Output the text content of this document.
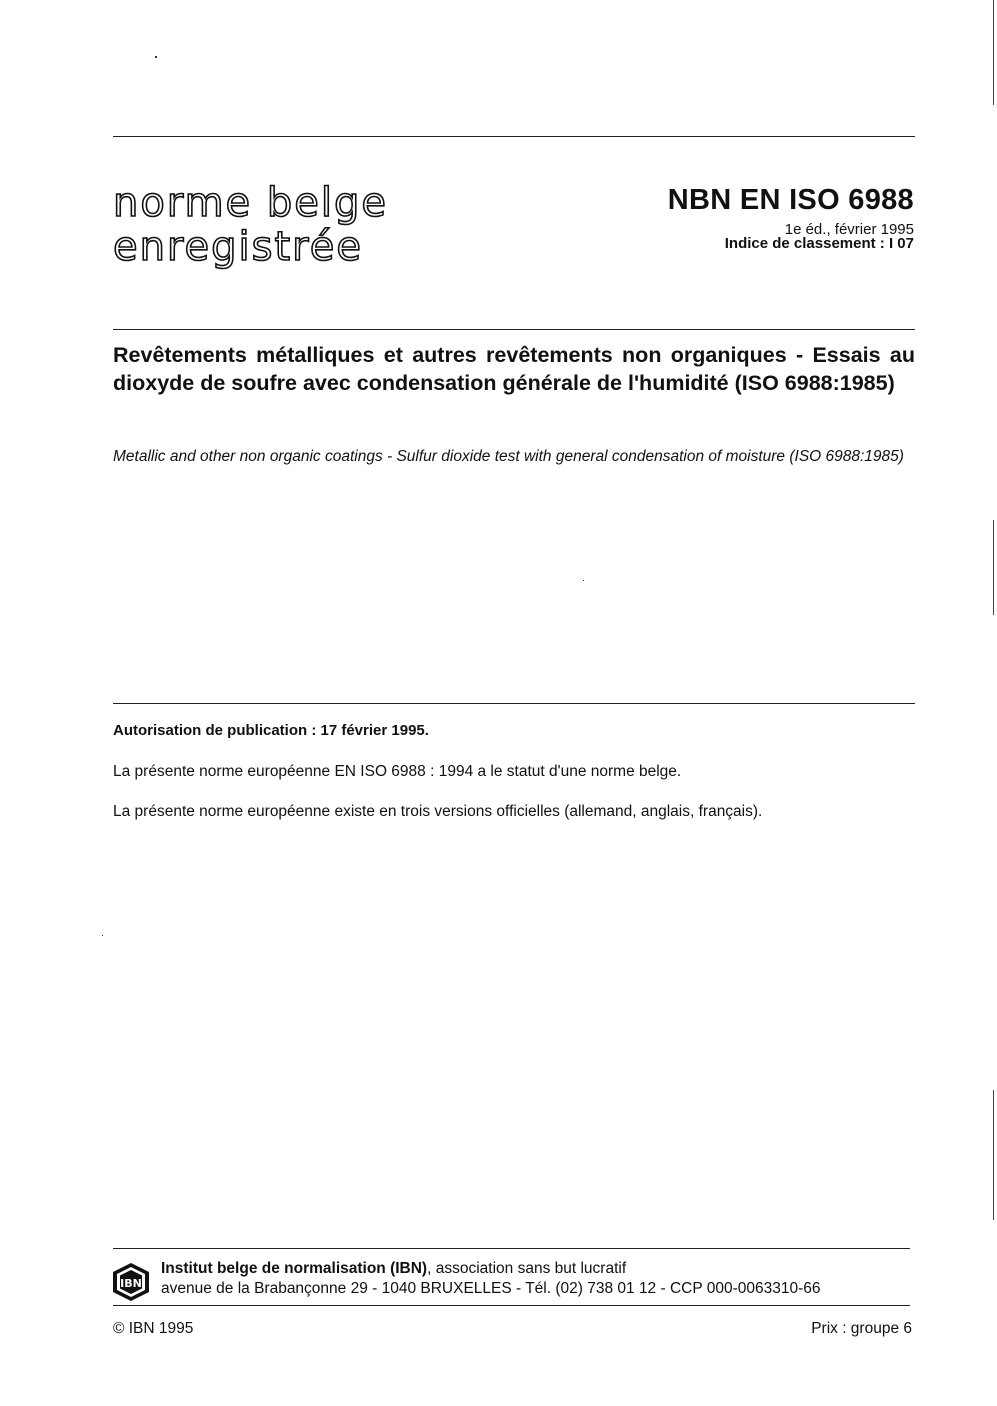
norme belge
enregistrée
NBN EN ISO 6988
1e éd., février 1995
Indice de classement : I 07
Revêtements métalliques et autres revêtements non organiques - Essais au dioxyde de soufre avec condensation générale de l'humidité (ISO 6988:1985)
Metallic and other non organic coatings - Sulfur dioxide test with general condensation of moisture (ISO 6988:1985)
Autorisation de publication : 17 février 1995.
La présente norme européenne EN ISO 6988 : 1994 a le statut d'une norme belge.
La présente norme européenne existe en trois versions officielles (allemand, anglais, français).
IBN
Institut belge de normalisation (IBN), association sans but lucratif
avenue de la Brabançonne 29 - 1040 BRUXELLES - Tél. (02) 738 01 12 - CCP 000-0063310-66
© IBN 1995	Prix : groupe 6
